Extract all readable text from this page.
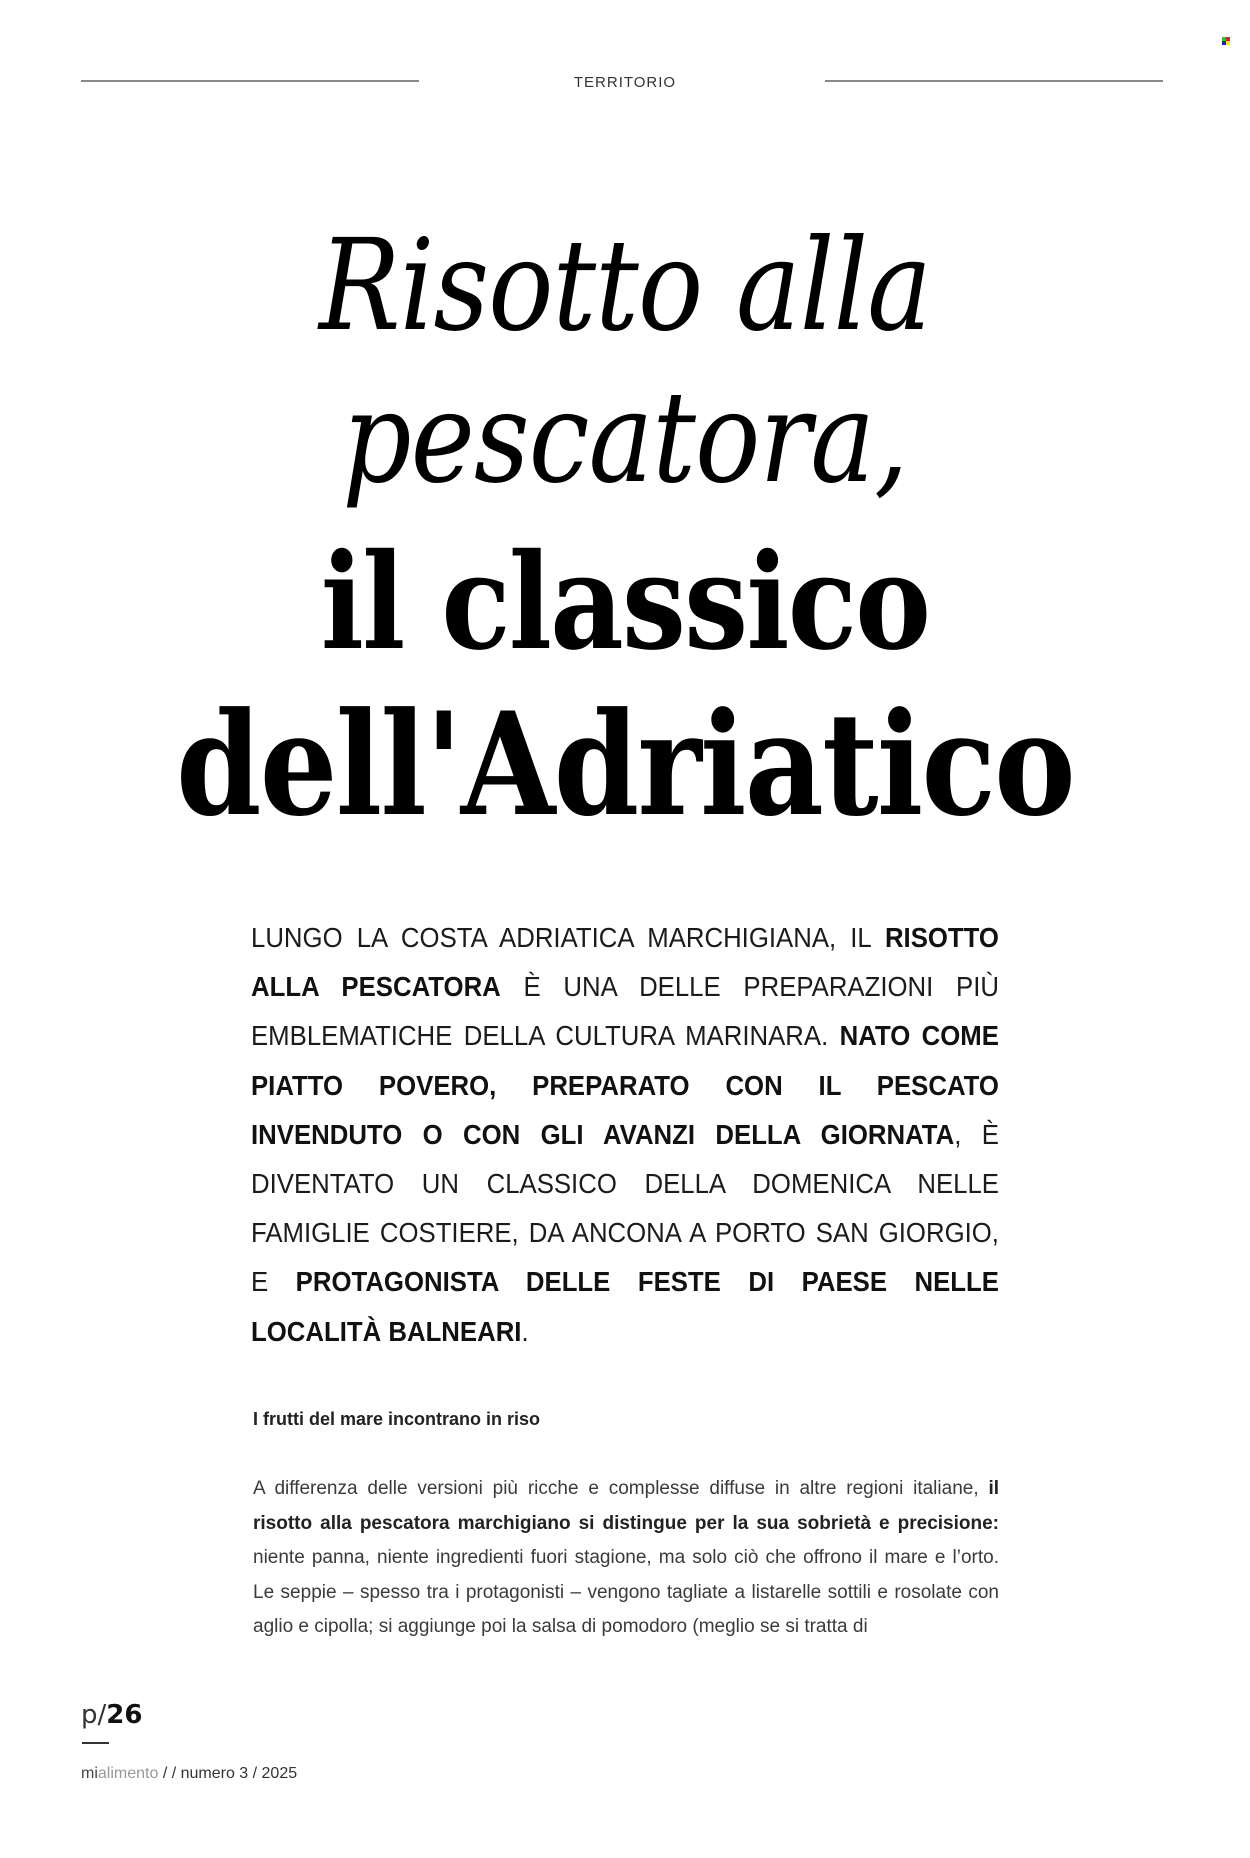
TERRITORIO
Risotto alla
pescatora,
il classico
dell'Adriatico

LUNGO LA COSTA ADRIATICA MARCHIGIANA, IL RISOTTO ALLA PESCATORA È UNA DELLE PREPARAZIONI PIÙ EMBLEMATICHE DELLA CULTURA MARINARA. NATO COME PIATTO POVERO, PREPARATO CON IL PESCATO INVENDUTO O CON GLI AVANZI DELLA GIORNATA, È DIVENTATO UN CLASSICO DELLA DOMENICA NELLE FAMIGLIE COSTIERE, DA ANCONA A PORTO SAN GIORGIO, E PROTAGONISTA DELLE FESTE DI PAESE NELLE LOCALITÀ BALNEARI.

I frutti del mare incontrano in riso

A differenza delle versioni più ricche e complesse diffuse in altre regioni italiane, il risotto alla pescatora marchigiano si distingue per la sua sobrietà e precisione: niente panna, niente ingredienti fuori stagione, ma solo ciò che offrono il mare e l’orto. Le seppie – spesso tra i protagonisti – vengono tagliate a listarelle sottili e rosolate con aglio e cipolla; si aggiunge poi la salsa di pomodoro (meglio se si tratta di

p/26
mialimento / / numero 3 / 2025
